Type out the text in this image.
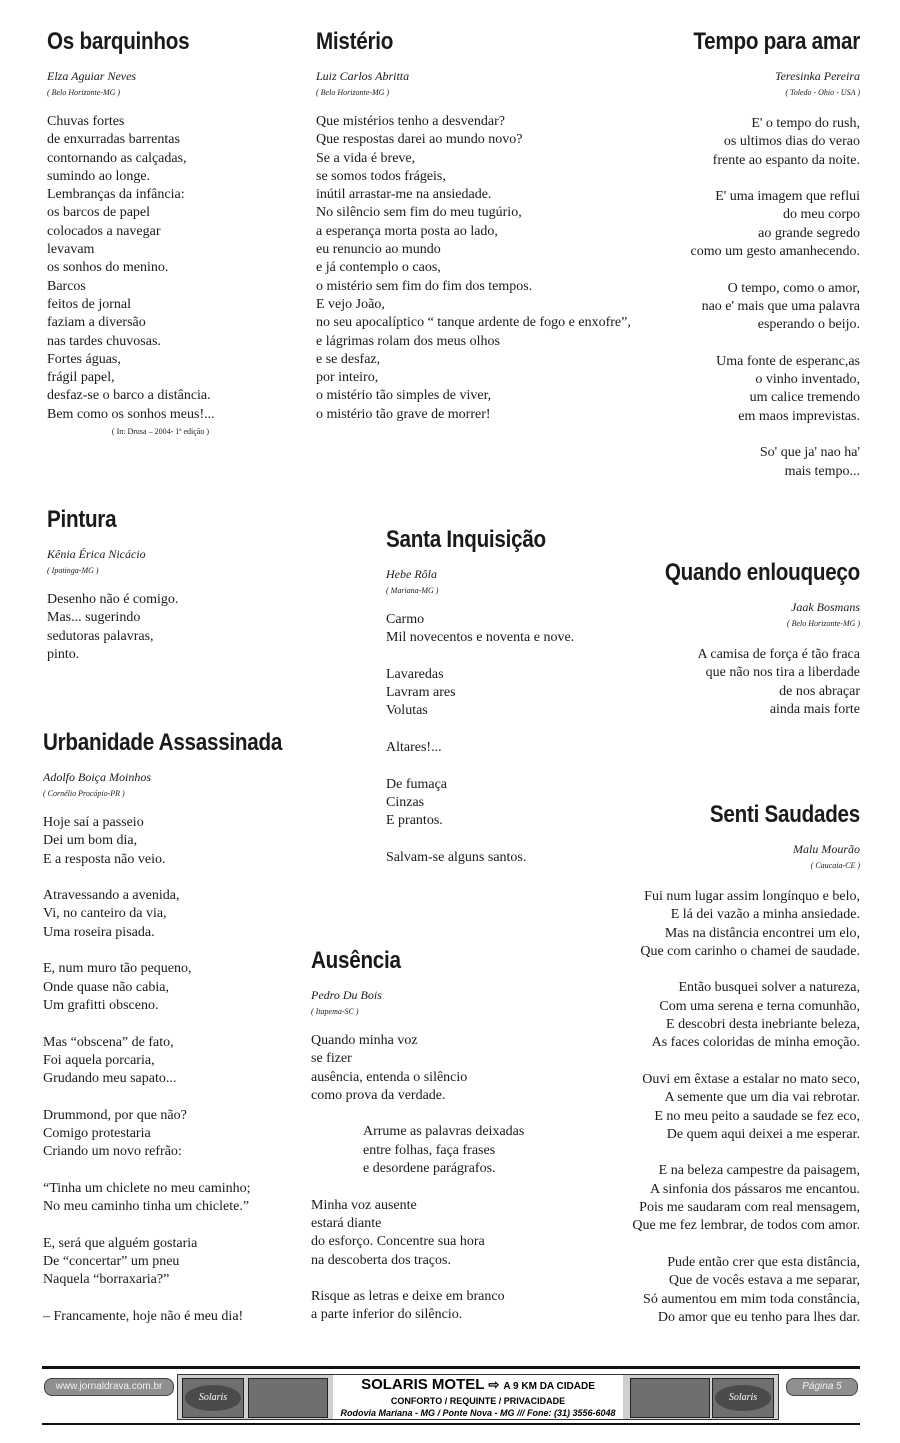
Os barquinhos
Elza Aguiar Neves
( Belo Horizonte-MG )
Chuvas fortes
de enxurradas barrentas
contornando as calçadas,
sumindo ao longe.
Lembranças da infância:
os barcos de papel
colocados a navegar
levavam
os sonhos do menino.
Barcos
feitos de jornal
faziam a diversão
nas tardes chuvosas.
Fortes águas,
frágil papel,
desfaz-se o barco a distância.
Bem como os sonhos meus!...
( In: Drusa – 2004- 1ª edição )
Mistério
Luiz Carlos Abritta
( Belo Horizonte-MG )
Que mistérios tenho a desvendar?
Que respostas darei ao mundo novo?
Se a vida é breve,
se somos todos frágeis,
inútil arrastar-me na ansiedade.
No silêncio sem fim do meu tugúrio,
a esperança morta posta ao lado,
eu renuncio ao mundo
e já contemplo o caos,
o mistério sem fim do fim dos tempos.
E vejo João,
no seu apocalíptico “ tanque ardente de fogo e enxofre”,
e lágrimas rolam dos meus olhos
e se desfaz,
por inteiro,
o mistério tão simples de viver,
o mistério tão grave de morrer!
Tempo para amar
Teresinka Pereira
( Toledo - Ohio - USA )
E' o tempo do rush,
os ultimos dias do verao
frente ao espanto da noite.
E' uma imagem que reflui
do meu corpo
ao grande segredo
como um gesto amanhecendo.
O tempo, como o amor,
nao e' mais que uma palavra
esperando o beijo.
Uma fonte de esperanc,as
o vinho inventado,
um calice tremendo
em maos imprevistas.
So' que ja' nao ha'
mais tempo...
Pintura
Kênia Érica Nicácio
( Ipatinga-MG )
Desenho não é comigo.
Mas... sugerindo
sedutoras palavras,
pinto.
Santa Inquisição
Hebe Rôla
( Mariana-MG )
Carmo
Mil novecentos e noventa e nove.
Lavaredas
Lavram ares
Volutas
Altares!...
De fumaça
Cinzas
E prantos.
Salvam-se alguns santos.
Quando enlouqueço
Jaak Bosmans
( Belo Horizonte-MG )
A camisa de força é tão fraca
que não nos tira a liberdade
de nos abraçar
ainda mais forte
Urbanidade Assassinada
Adolfo Boiça Moinhos
( Cornélio Procópio-PR )
Hoje saí a passeio
Dei um bom dia,
E a resposta não veio.
Atravessando a avenida,
Vi, no canteiro da via,
Uma roseira pisada.
E, num muro tão pequeno,
Onde quase não cabia,
Um grafitti obsceno.
Mas “obscena” de fato,
Foi aquela porcaria,
Grudando meu sapato...
Drummond, por que não?
Comigo protestaria
Criando um novo refrão:
“Tinha um chiclete no meu caminho;
No meu caminho tinha um chiclete.”
E, será que alguém gostaria
De “concertar” um pneu
Naquela “borraxaria?”
– Francamente, hoje não é meu dia!
Senti Saudades
Malu Mourão
( Caucaia-CE )
Fui num lugar assim longínquo e belo,
E lá dei vazão a minha ansiedade.
Mas na distância encontrei um elo,
Que com carinho o chamei de saudade.
Então busquei solver a natureza,
Com uma serena e terna comunhão,
E descobri desta inebriante beleza,
As faces coloridas de minha emoção.
Ouvi em êxtase a estalar no mato seco,
A semente que um dia vai rebrotar.
E no meu peito a saudade se fez eco,
De quem aqui deixei a me esperar.
E na beleza campestre da paisagem,
A sinfonia dos pássaros me encantou.
Pois me saudaram com real mensagem,
Que me fez lembrar, de todos com amor.
Pude então crer que esta distância,
Que de vocês estava a me separar,
Só aumentou em mim toda constância,
Do amor que eu tenho para lhes dar.
Ausência
Pedro Du Bois
( Itapema-SC )
Quando minha voz
se fizer
ausência, entenda o silêncio
como prova da verdade.
Arrume as palavras deixadas
entre folhas, faça frases
e desordene parágrafos.
Minha voz ausente
estará diante
do esforço. Concentre sua hora
na descoberta dos traços.
Risque as letras e deixe em branco
a parte inferior do silêncio.
www.jornaldrava.com.br
Solaris
SOLARIS MOTEL ⇨ A 9 KM DA CIDADE
CONFORTO / REQUINTE / PRIVACIDADE
Rodovia Mariana - MG / Ponte Nova - MG /// Fone: (31) 3556-6048
Solaris
Página 5
